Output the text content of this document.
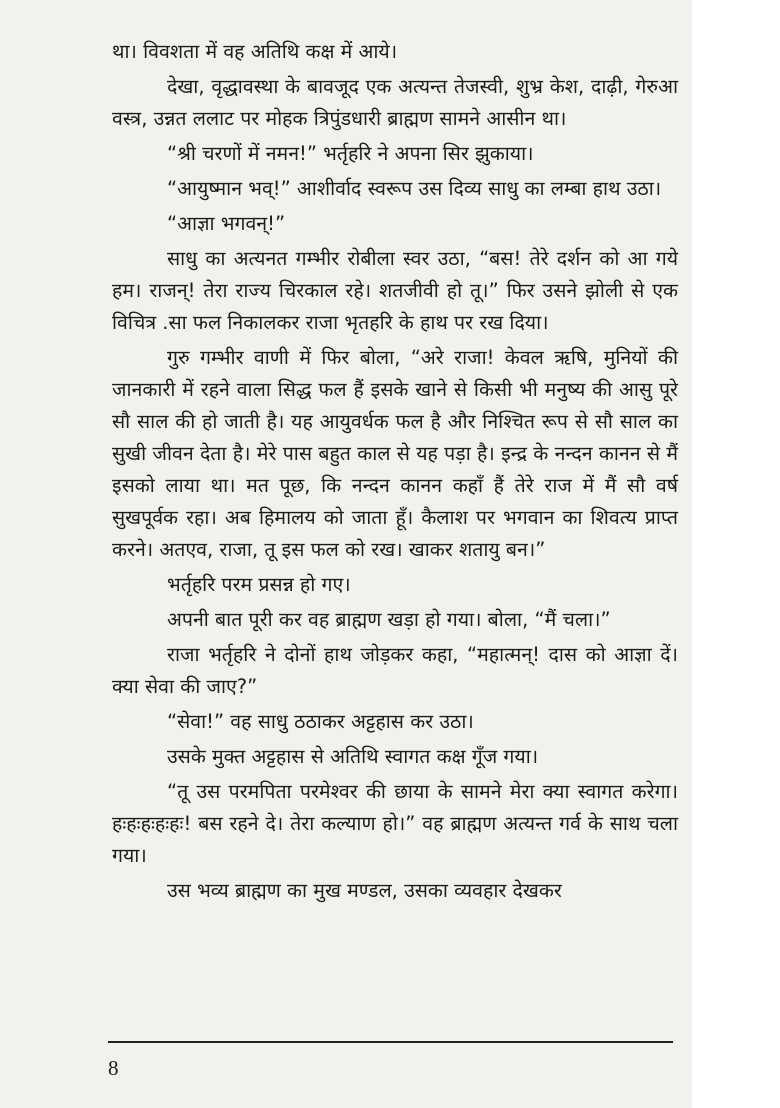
था। विवशता में वह अतिथि कक्ष में आये।

देखा, वृद्धावस्था के बावजूद एक अत्यन्त तेजस्वी, शुभ्र केश, दाढ़ी, गेरुआ वस्त्र, उन्नत ललाट पर मोहक त्रिपुंडधारी ब्राह्मण सामने आसीन था।

“श्री चरणों में नमन!” भर्तृहरि ने अपना सिर झुकाया।

“आयुष्मान भव्!” आशीर्वाद स्वरूप उस दिव्य साधु का लम्बा हाथ उठा।

“आज्ञा भगवन्!”

साधु का अत्यनत गम्भीर रोबीला स्वर उठा, “बस! तेरे दर्शन को आ गये हम। राजन्! तेरा राज्य चिरकाल रहे। शतजीवी हो तू।” फिर उसने झोली से एक विचित्र .सा फल निकालकर राजा भृतहरि के हाथ पर रख दिया।

गुरु गम्भीर वाणी में फिर बोला, “अरे राजा! केवल ऋषि, मुनियों की जानकारी में रहने वाला सिद्ध फल हैं इसके खाने से किसी भी मनुष्य की आसु पूरे सौ साल की हो जाती है। यह आयुवर्धक फल है और निश्चित रूप से सौ साल का सुखी जीवन देता है। मेरे पास बहुत काल से यह पड़ा है। इन्द्र के नन्दन कानन से मैं इसको लाया था। मत पूछ, कि नन्दन कानन कहाँ हैं तेरे राज में मैं सौ वर्ष सुखपूर्वक रहा। अब हिमालय को जाता हूँ। कैलाश पर भगवान का शिवत्य प्राप्त करने। अतएव, राजा, तू इस फल को रख। खाकर शतायु बन।”

भर्तृहरि परम प्रसन्न हो गए।

अपनी बात पूरी कर वह ब्राह्मण खड़ा हो गया। बोला, “मैं चला।”

राजा भर्तृहरि ने दोनों हाथ जोड़कर कहा, “महात्मन्! दास को आज्ञा दें। क्या सेवा की जाए?”

“सेवा!” वह साधु ठठाकर अट्टहास कर उठा।

उसके मुक्त अट्टहास से अतिथि स्वागत कक्ष गूँज गया।

“तू उस परमपिता परमेश्वर की छाया के सामने मेरा क्या स्वागत करेगा। हःहःहःहःहः! बस रहने दे। तेरा कल्याण हो।” वह ब्राह्मण अत्यन्त गर्व के साथ चला गया।

उस भव्य ब्राह्मण का मुख मण्डल, उसका व्यवहार देखकर

8
